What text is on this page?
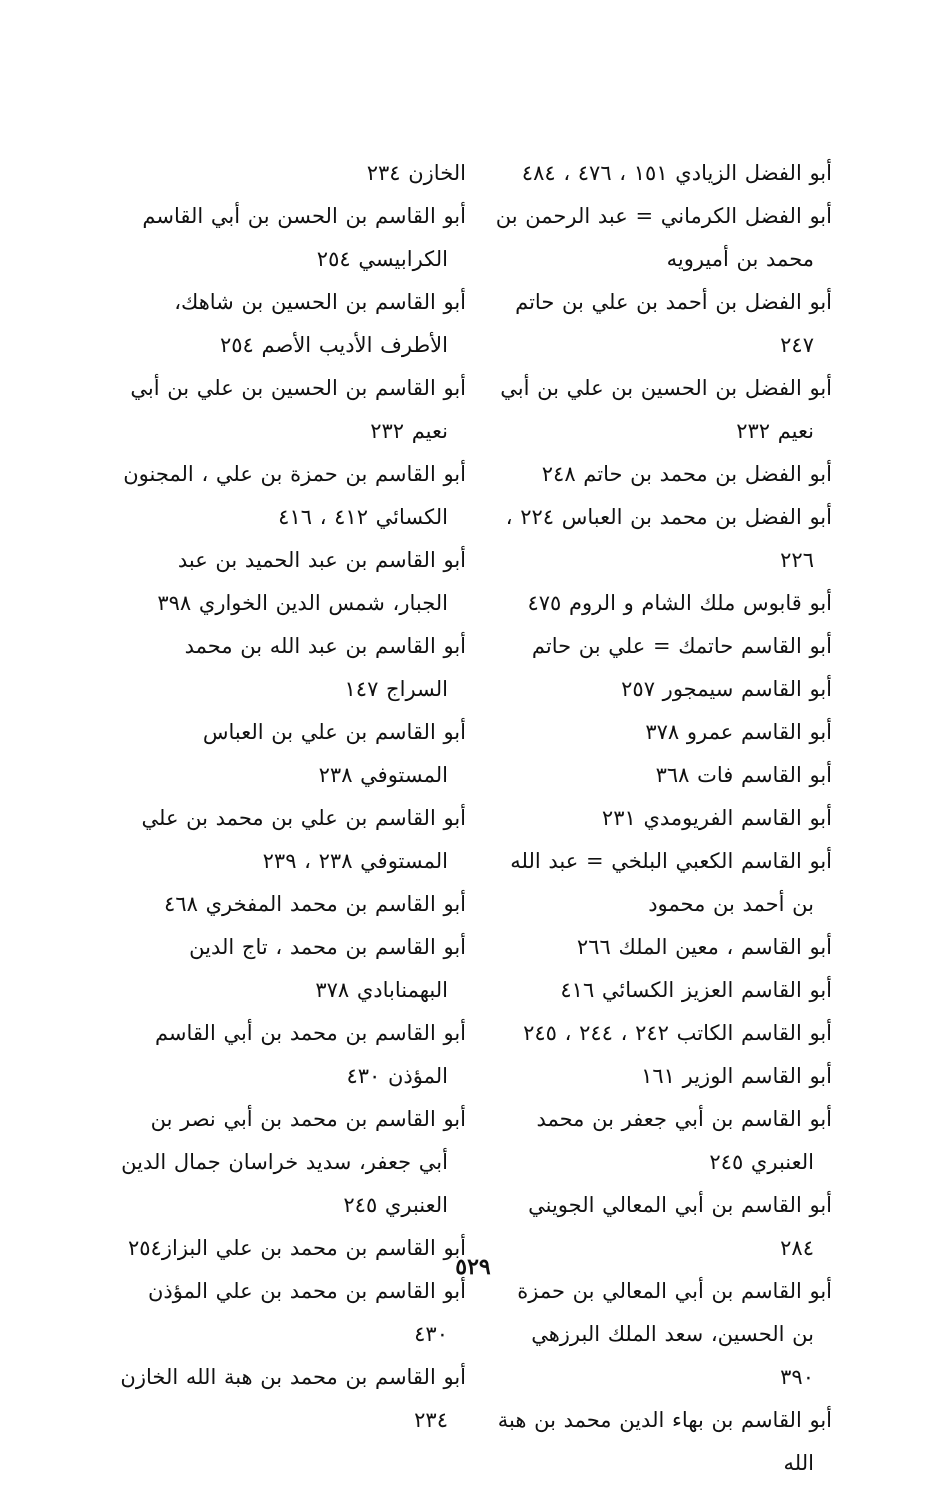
أبو الفضل الزيادي ١٥١ ، ٤٧٦ ، ٤٨٤

أبو الفضل الكرماني = عبد الرحمن بن محمد بن أميرويه

أبو الفضل بن أحمد بن علي بن حاتم ٢٤٧

أبو الفضل بن الحسين بن علي بن أبي نعيم ٢٣٢

أبو الفضل بن محمد بن حاتم ٢٤٨

أبو الفضل بن محمد بن العباس ٢٢٤ ، ٢٢٦

أبو قابوس ملك الشام و الروم ٤٧٥

أبو القاسم حاتمك = علي بن حاتم

أبو القاسم سيمجور ٢٥٧

أبو القاسم عمرو ٣٧٨

أبو القاسم فات ٣٦٨

أبو القاسم الفريومدي ٢٣١

أبو القاسم الكعبي البلخي = عبد الله بن أحمد بن محمود

أبو القاسم ، معين الملك ٢٦٦

أبو القاسم العزيز الكسائي ٤١٦

أبو القاسم الكاتب ٢٤٢ ، ٢٤٤ ، ٢٤٥

أبو القاسم الوزير ١٦١

أبو القاسم بن أبي جعفر بن محمد العنبري ٢٤٥

أبو القاسم بن أبي المعالي الجويني ٢٨٤

أبو القاسم بن أبي المعالي بن حمزة بن الحسين، سعد الملك البرزهي ٣٩٠

أبو القاسم بن بهاء الدين محمد بن هبة الله

الخازن ٢٣٤

أبو القاسم بن الحسن بن أبي القاسم الكرابيسي ٢٥٤

أبو القاسم بن الحسين بن شاهك، الأطرف الأديب الأصم ٢٥٤

أبو القاسم بن الحسين بن علي بن أبي نعيم ٢٣٢

أبو القاسم بن حمزة بن علي ، المجنون الكسائي ٤١٢ ، ٤١٦

أبو القاسم بن عبد الحميد بن عبد الجبار، شمس الدين الخواري ٣٩٨

أبو القاسم بن عبد الله بن محمد السراج ١٤٧

أبو القاسم بن علي بن العباس المستوفي ٢٣٨

أبو القاسم بن علي بن محمد بن علي المستوفي ٢٣٨ ، ٢٣٩

أبو القاسم بن محمد المفخري ٤٦٨

أبو القاسم بن محمد ، تاج الدين البهمنابادي ٣٧٨

أبو القاسم بن محمد بن أبي القاسم المؤذن ٤٣٠

أبو القاسم بن محمد بن أبي نصر بن أبي جعفر، سديد خراسان جمال الدين العنبري ٢٤٥

أبو القاسم بن محمد بن علي البزاز٢٥٤

أبو القاسم بن محمد بن علي المؤذن ٤٣٠

أبو القاسم بن محمد بن هبة الله الخازن ٢٣٤

٥٢٩
